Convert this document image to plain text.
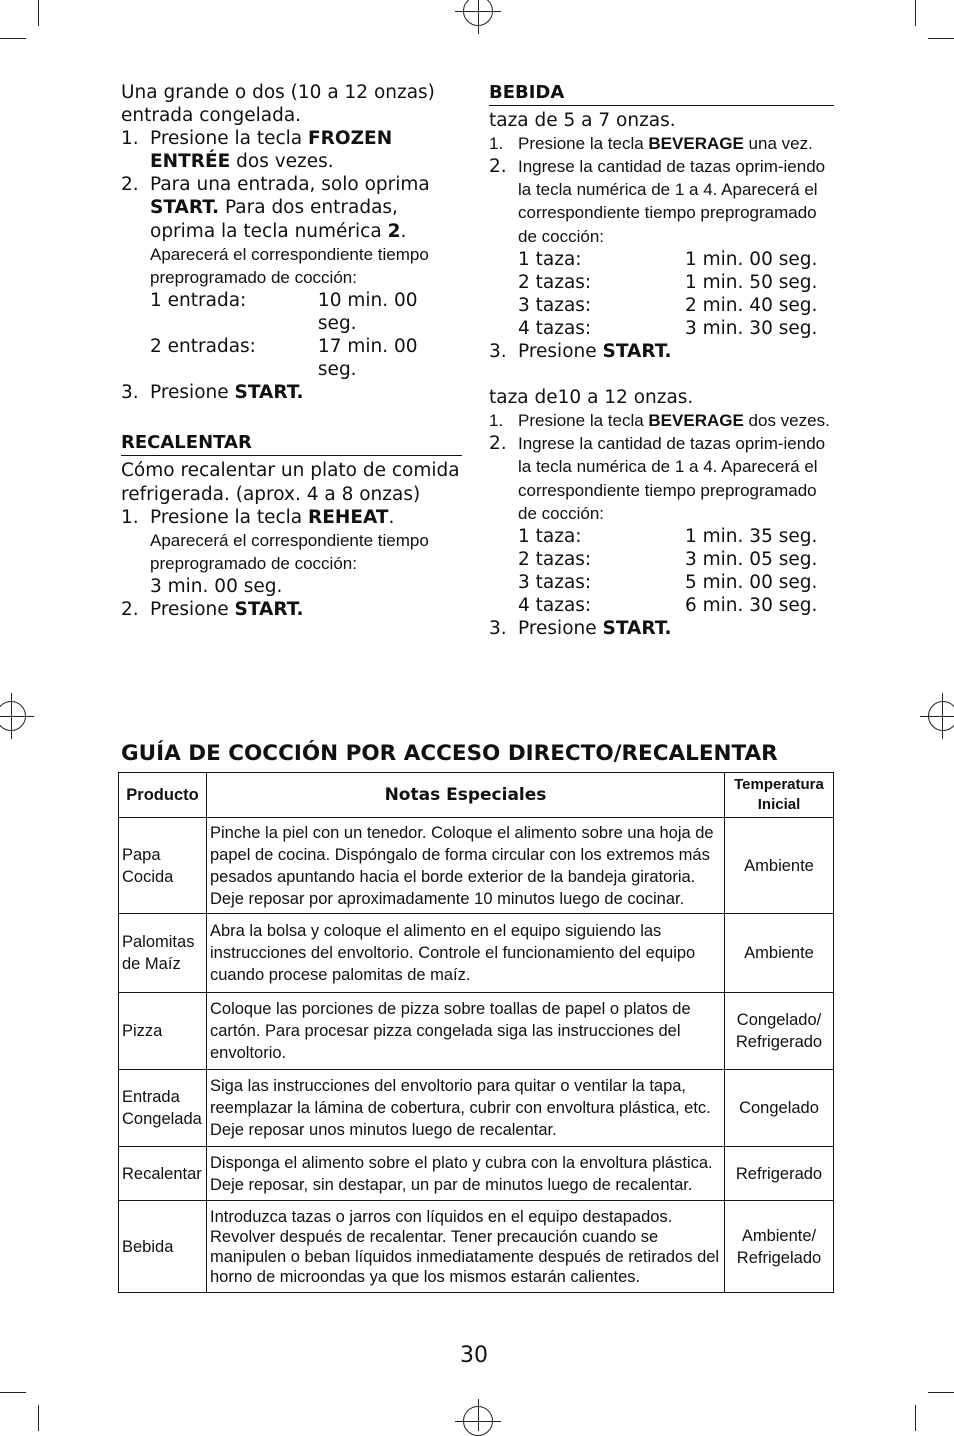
Una grande o dos (10 a 12 onzas) entrada congelada.

1. Presione la tecla FROZEN ENTRÉE dos vezes.
2. Para una entrada, solo oprima START. Para dos entradas, oprima la tecla numérica 2.
Aparecerá el correspondiente tiempo preprogramado de cocción:
1 entrada:	10 min. 00 seg.
2 entradas:	17 min. 00 seg.
3. Presione START.
RECALENTAR

Cómo recalentar un plato de comida refrigerada. (aprox. 4 a 8 onzas)

1. Presione la tecla REHEAT.
Aparecerá el correspondiente tiempo preprogramado de cocción:
3 min. 00 seg.
2. Presione START.
BEBIDA

taza de 5 a 7 onzas.

1. Presione la tecla BEVERAGE una vez.
2. Ingrese la cantidad de tazas oprim-iendo la tecla numérica de 1 a 4. Aparecerá el correspondiente tiempo preprogramado de cocción:
1 taza:	1 min. 00 seg.
2 tazas:	1 min. 50 seg.
3 tazas:	2 min. 40 seg.
4 tazas:	3 min. 30 seg.
3. Presione START.

taza de10 a 12 onzas.

1. Presione la tecla BEVERAGE dos vezes.
2. Ingrese la cantidad de tazas oprim-iendo la tecla numérica de 1 a 4. Aparecerá el correspondiente tiempo preprogramado de cocción:
1 taza:	1 min. 35 seg.
2 tazas:	3 min. 05 seg.
3 tazas:	5 min. 00 seg.
4 tazas:	6 min. 30 seg.
3. Presione START.
GUÍA DE COCCIÓN POR ACCESO DIRECTO/RECALENTAR
Producto	Notas Especiales	Temperatura Inicial
Papa Cocida	Pinche la piel con un tenedor. Coloque el alimento sobre una hoja de papel de cocina. Dispóngalo de forma circular con los extremos más pesados apuntando hacia el borde exterior de la bandeja giratoria. Deje reposar por aproximadamente 10 minutos luego de cocinar.	Ambiente
Palomitas de Maíz	Abra la bolsa y coloque el alimento en el equipo siguiendo las instrucciones del envoltorio. Controle el funcionamiento del equipo cuando procese palomitas de maíz.	Ambiente
Pizza	Coloque las porciones de pizza sobre toallas de papel o platos de cartón. Para procesar pizza congelada siga las instrucciones del envoltorio.	Congelado/ Refrigerado
Entrada Congelada	Siga las instrucciones del envoltorio para quitar o ventilar la tapa, reemplazar la lámina de cobertura, cubrir con envoltura plástica, etc. Deje reposar unos minutos luego de recalentar.	Congelado
Recalentar	Disponga el alimento sobre el plato y cubra con la envoltura plástica. Deje reposar, sin destapar, un par de minutos luego de recalentar.	Refrigerado
Bebida	Introduzca tazas o jarros con líquidos en el equipo destapados. Revolver después de recalentar. Tener precaución cuando se manipulen o beban líquidos inmediatamente después de retirados del horno de microondas ya que los mismos estarán calientes.	Ambiente/ Refrigelado
30
